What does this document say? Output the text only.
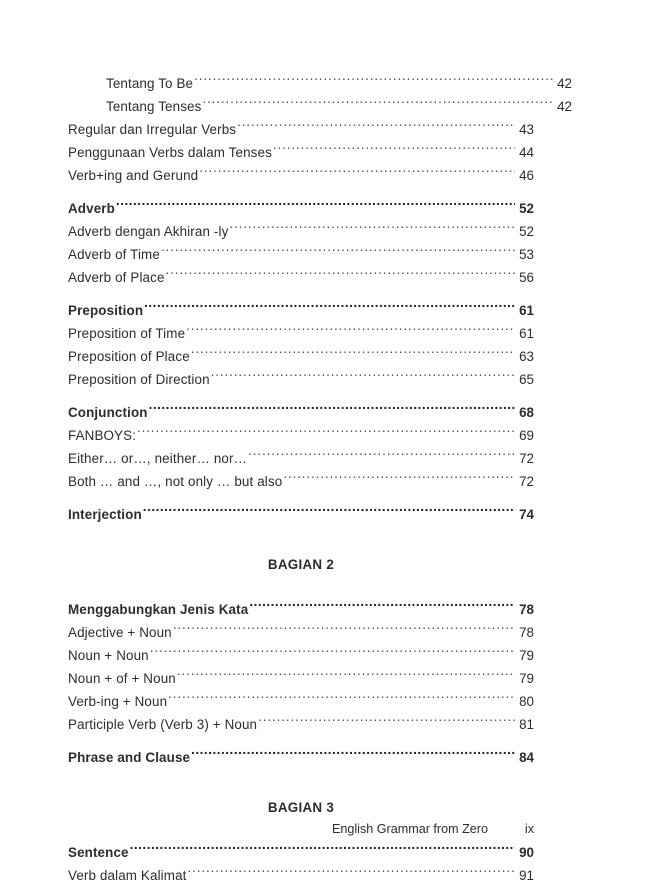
Tentang To Be .....	42
Tentang Tenses .....	42
Regular dan Irregular Verbs .....	43
Penggunaan Verbs dalam Tenses .....	44
Verb+ing and Gerund .....	46
Adverb .....	52
Adverb dengan Akhiran -ly .....	52
Adverb of Time .....	53
Adverb of Place .....	56
Preposition .....	61
Preposition of Time .....	61
Preposition of Place .....	63
Preposition of Direction .....	65
Conjunction .....	68
FANBOYS: .....	69
Either… or…, neither… nor… .....	72
Both … and …, not only … but also .....	72
Interjection .....	74
BAGIAN 2
Menggabungkan Jenis Kata .....	78
Adjective + Noun .....	78
Noun + Noun .....	79
Noun + of + Noun .....	79
Verb-ing + Noun .....	80
Participle Verb (Verb 3) + Noun .....	81
Phrase and Clause .....	84
BAGIAN 3
Sentence .....	90
Verb dalam Kalimat .....	91
English Grammar from Zero	ix
